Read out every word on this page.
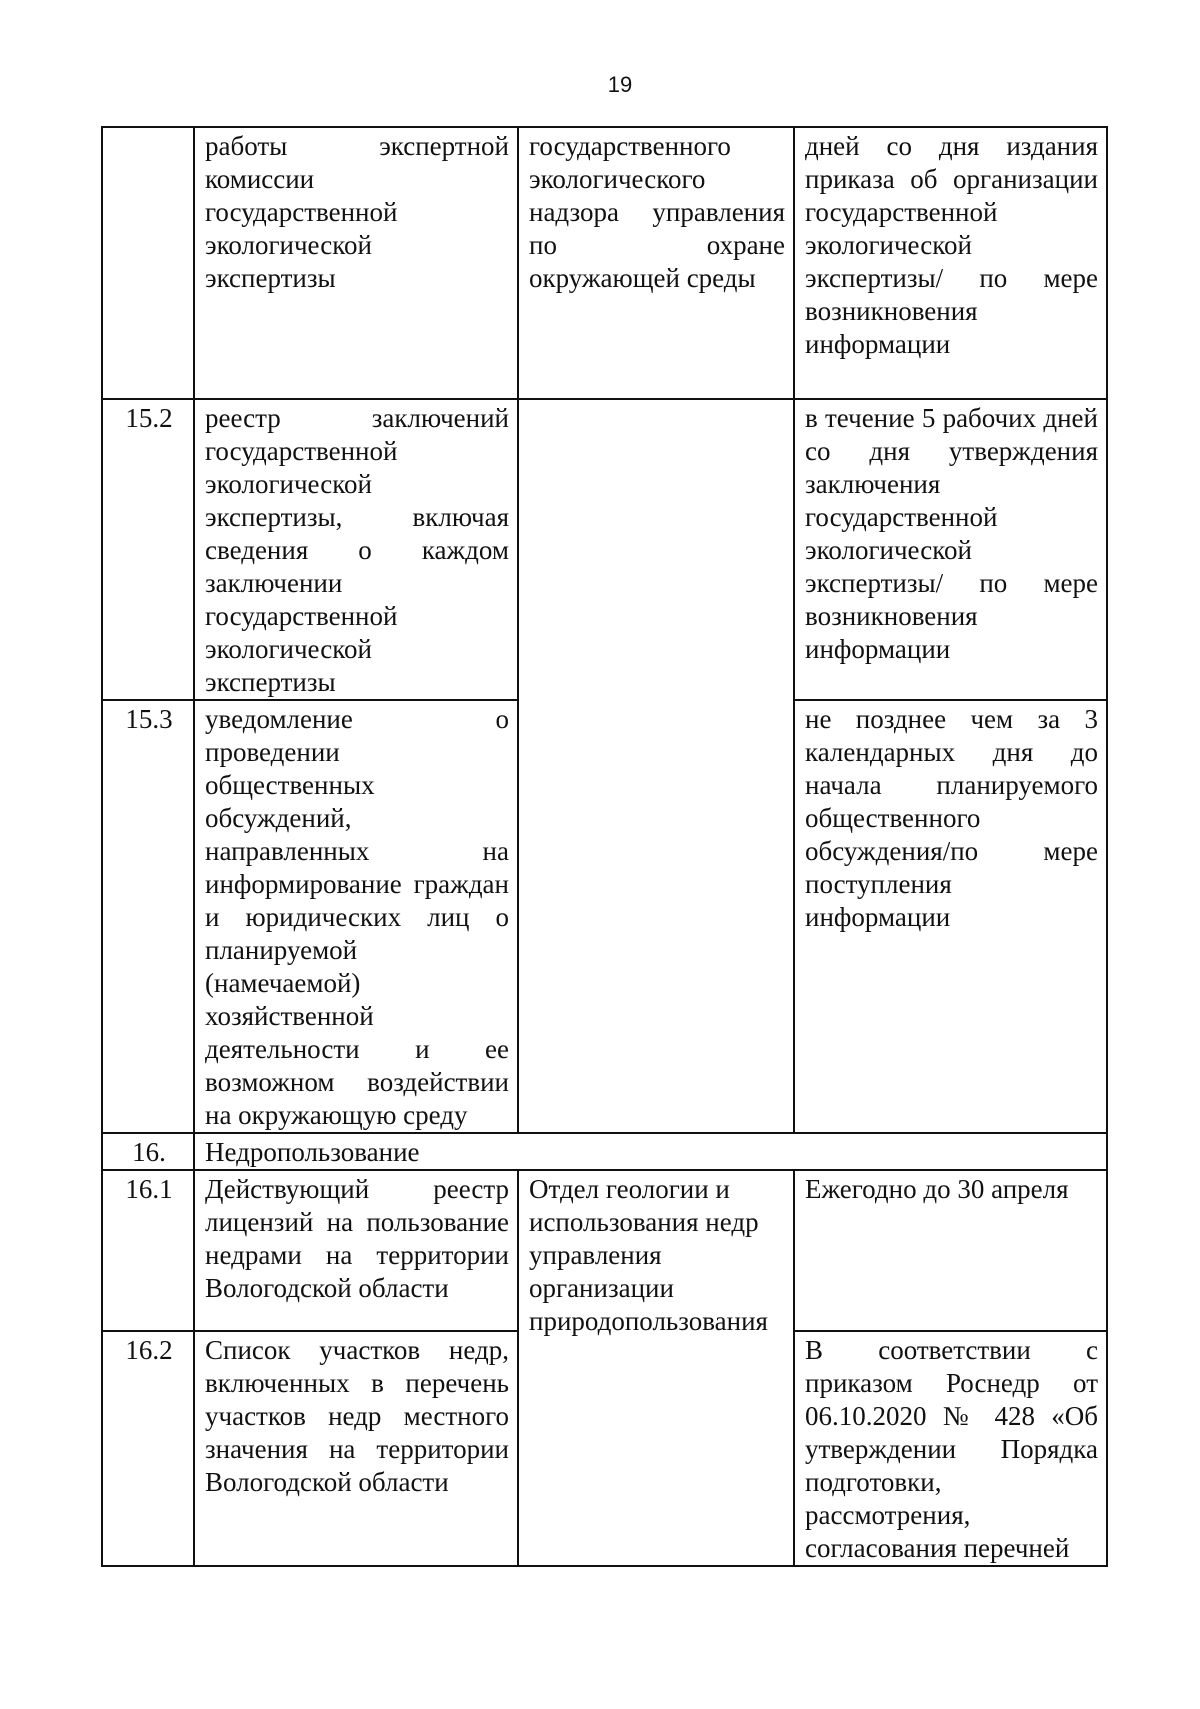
19
	работы экспертной комиссии государственной экологической экспертизы	государственного экологического надзора управления по охране окружающей среды	дней со дня издания приказа об организации государственной экологической экспертизы/ по мере возникновения информации
15.2	реестр заключений государственной экологической экспертизы, включая сведения о каждом заключении государственной экологической экспертизы		в течение 5 рабочих дней со дня утверждения заключения государственной экологической экспертизы/ по мере возникновения информации
15.3	уведомление о проведении общественных обсуждений, направленных на информирование граждан и юридических лиц о планируемой (намечаемой) хозяйственной деятельности и ее возможном воздействии на окружающую среду		не позднее чем за 3 календарных дня до начала планируемого общественного обсуждения/по мере поступления информации
16.	Недропользование		
16.1	Действующий реестр лицензий на пользование недрами на территории Вологодской области	Отдел геологии и использования недр управления организации природопользования	Ежегодно до 30 апреля
16.2	Список участков недр, включенных в перечень участков недр местного значения на территории Вологодской области		В соответствии с приказом Роснедр от 06.10.2020 № 428 «Об утверждении Порядка подготовки, рассмотрения, согласования перечней
